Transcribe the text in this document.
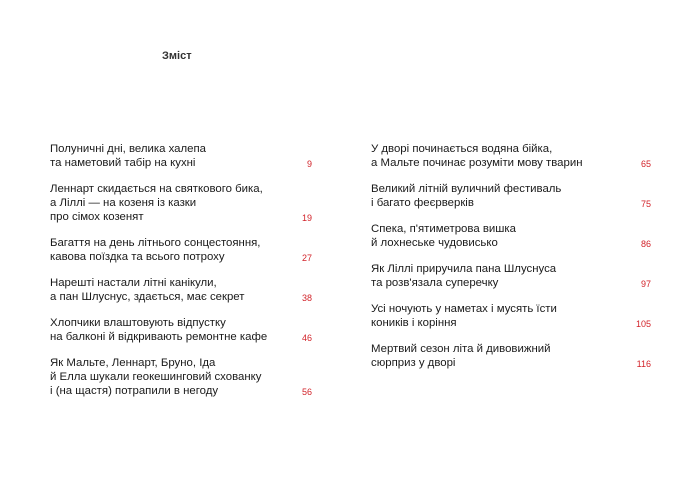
Зміст
Полуничні дні, велика халепа
та наметовий табір на кухні	9
Леннарт скидається на святкового бика,
а Ліллі — на козеня із казки
про сімох козенят	19
Багаття на день літнього сонцестояння,
кавова поїздка та всього потроху	27
Нарешті настали літні канікули,
а пан Шлуснус, здається, має секрет	38
Хлопчики влаштовують відпустку
на балконі й відкривають ремонтне кафе	46
Як Мальте, Леннарт, Бруно, Іда
й Елла шукали геокешинговий схованку
і (на щастя) потрапили в негоду	56
У дворі починається водяна бійка,
а Мальте починає розуміти мову тварин	65
Великий літній вуличний фестиваль
і багато феєрверків	75
Спека, п'ятиметрова вишка
й лохнеське чудовисько	86
Як Ліллі приручила пана Шлуснуса
та розв'язала суперечку	97
Усі ночують у наметах і мусять їсти
коників і коріння	105
Мертвий сезон літа й дивовижний
сюрприз у дворі	116
